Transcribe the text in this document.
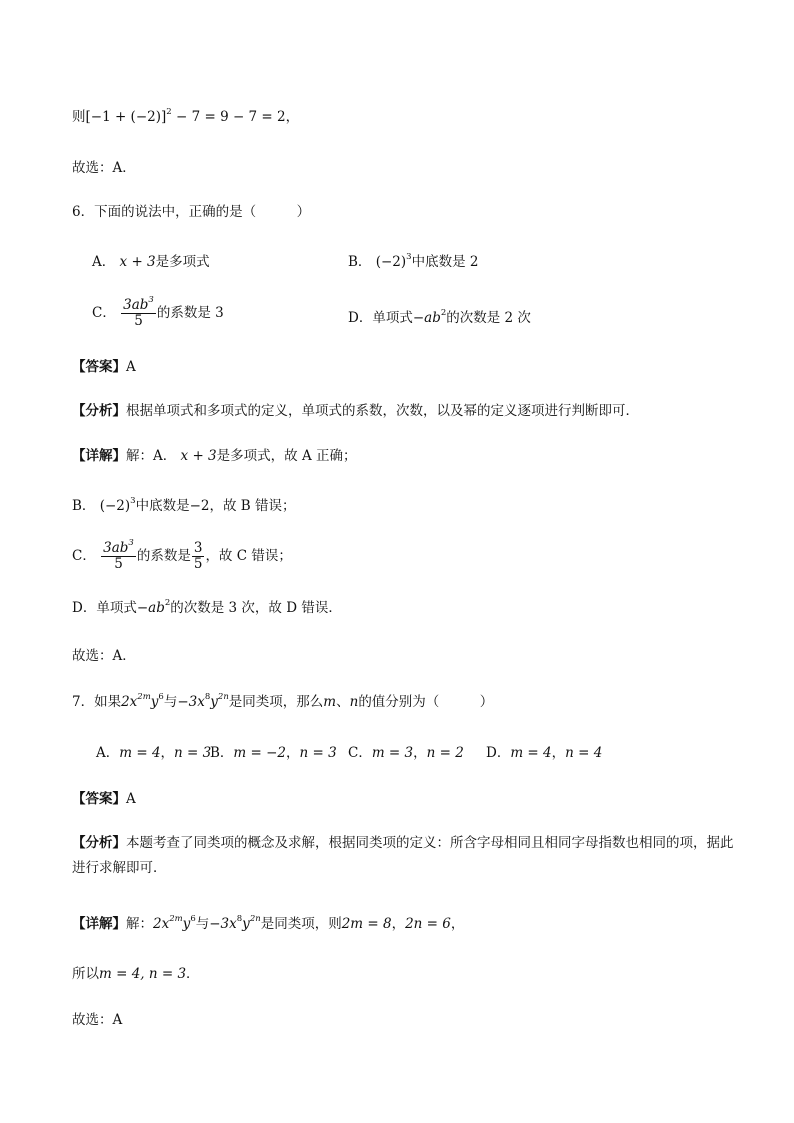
则$[-1 + (-2)]^2 - 7 = 9 - 7 = 2$，
故选：A．
6．下面的说法中，正确的是（　　　）
A． x + 3是多项式	B． $(-2)^3$中底数是 2
C． $\frac{3ab^3}{5}$ 的系数是 3	D．单项式$-ab^2$的次数是 2 次
【答案】A
【分析】根据单项式和多项式的定义，单项式的系数，次数，以及幂的定义逐项进行判断即可．
【详解】解：A． x + 3是多项式，故 A 正确；
B． $(-2)^3$中底数是−2，故 B 错误；
C． $\frac{3ab^3}{5}$ 的系数是 $\frac{3}{5}$ ，故 C 错误；
D．单项式$-ab^2$的次数是 3 次，故 D 错误．
故选：A．
7．如果$2x^{2m}y^6$与$-3x^8y^{2n}$是同类项，那么m、n的值分别为（　　　）
A．m = 4，n = 3
B．m = −2，n = 3 C．m = 3，n = 2 D．m = 4，n = 4
【答案】A
【分析】本题考查了同类项的概念及求解，根据同类项的定义：所含字母相同且相同字母指数也相同的项，据此进行求解即可．
【详解】解：$2x^{2m}y^6$与$-3x^8y^{2n}$是同类项，则2m = 8，2n = 6，
所以m = 4, n = 3．
故选：A
